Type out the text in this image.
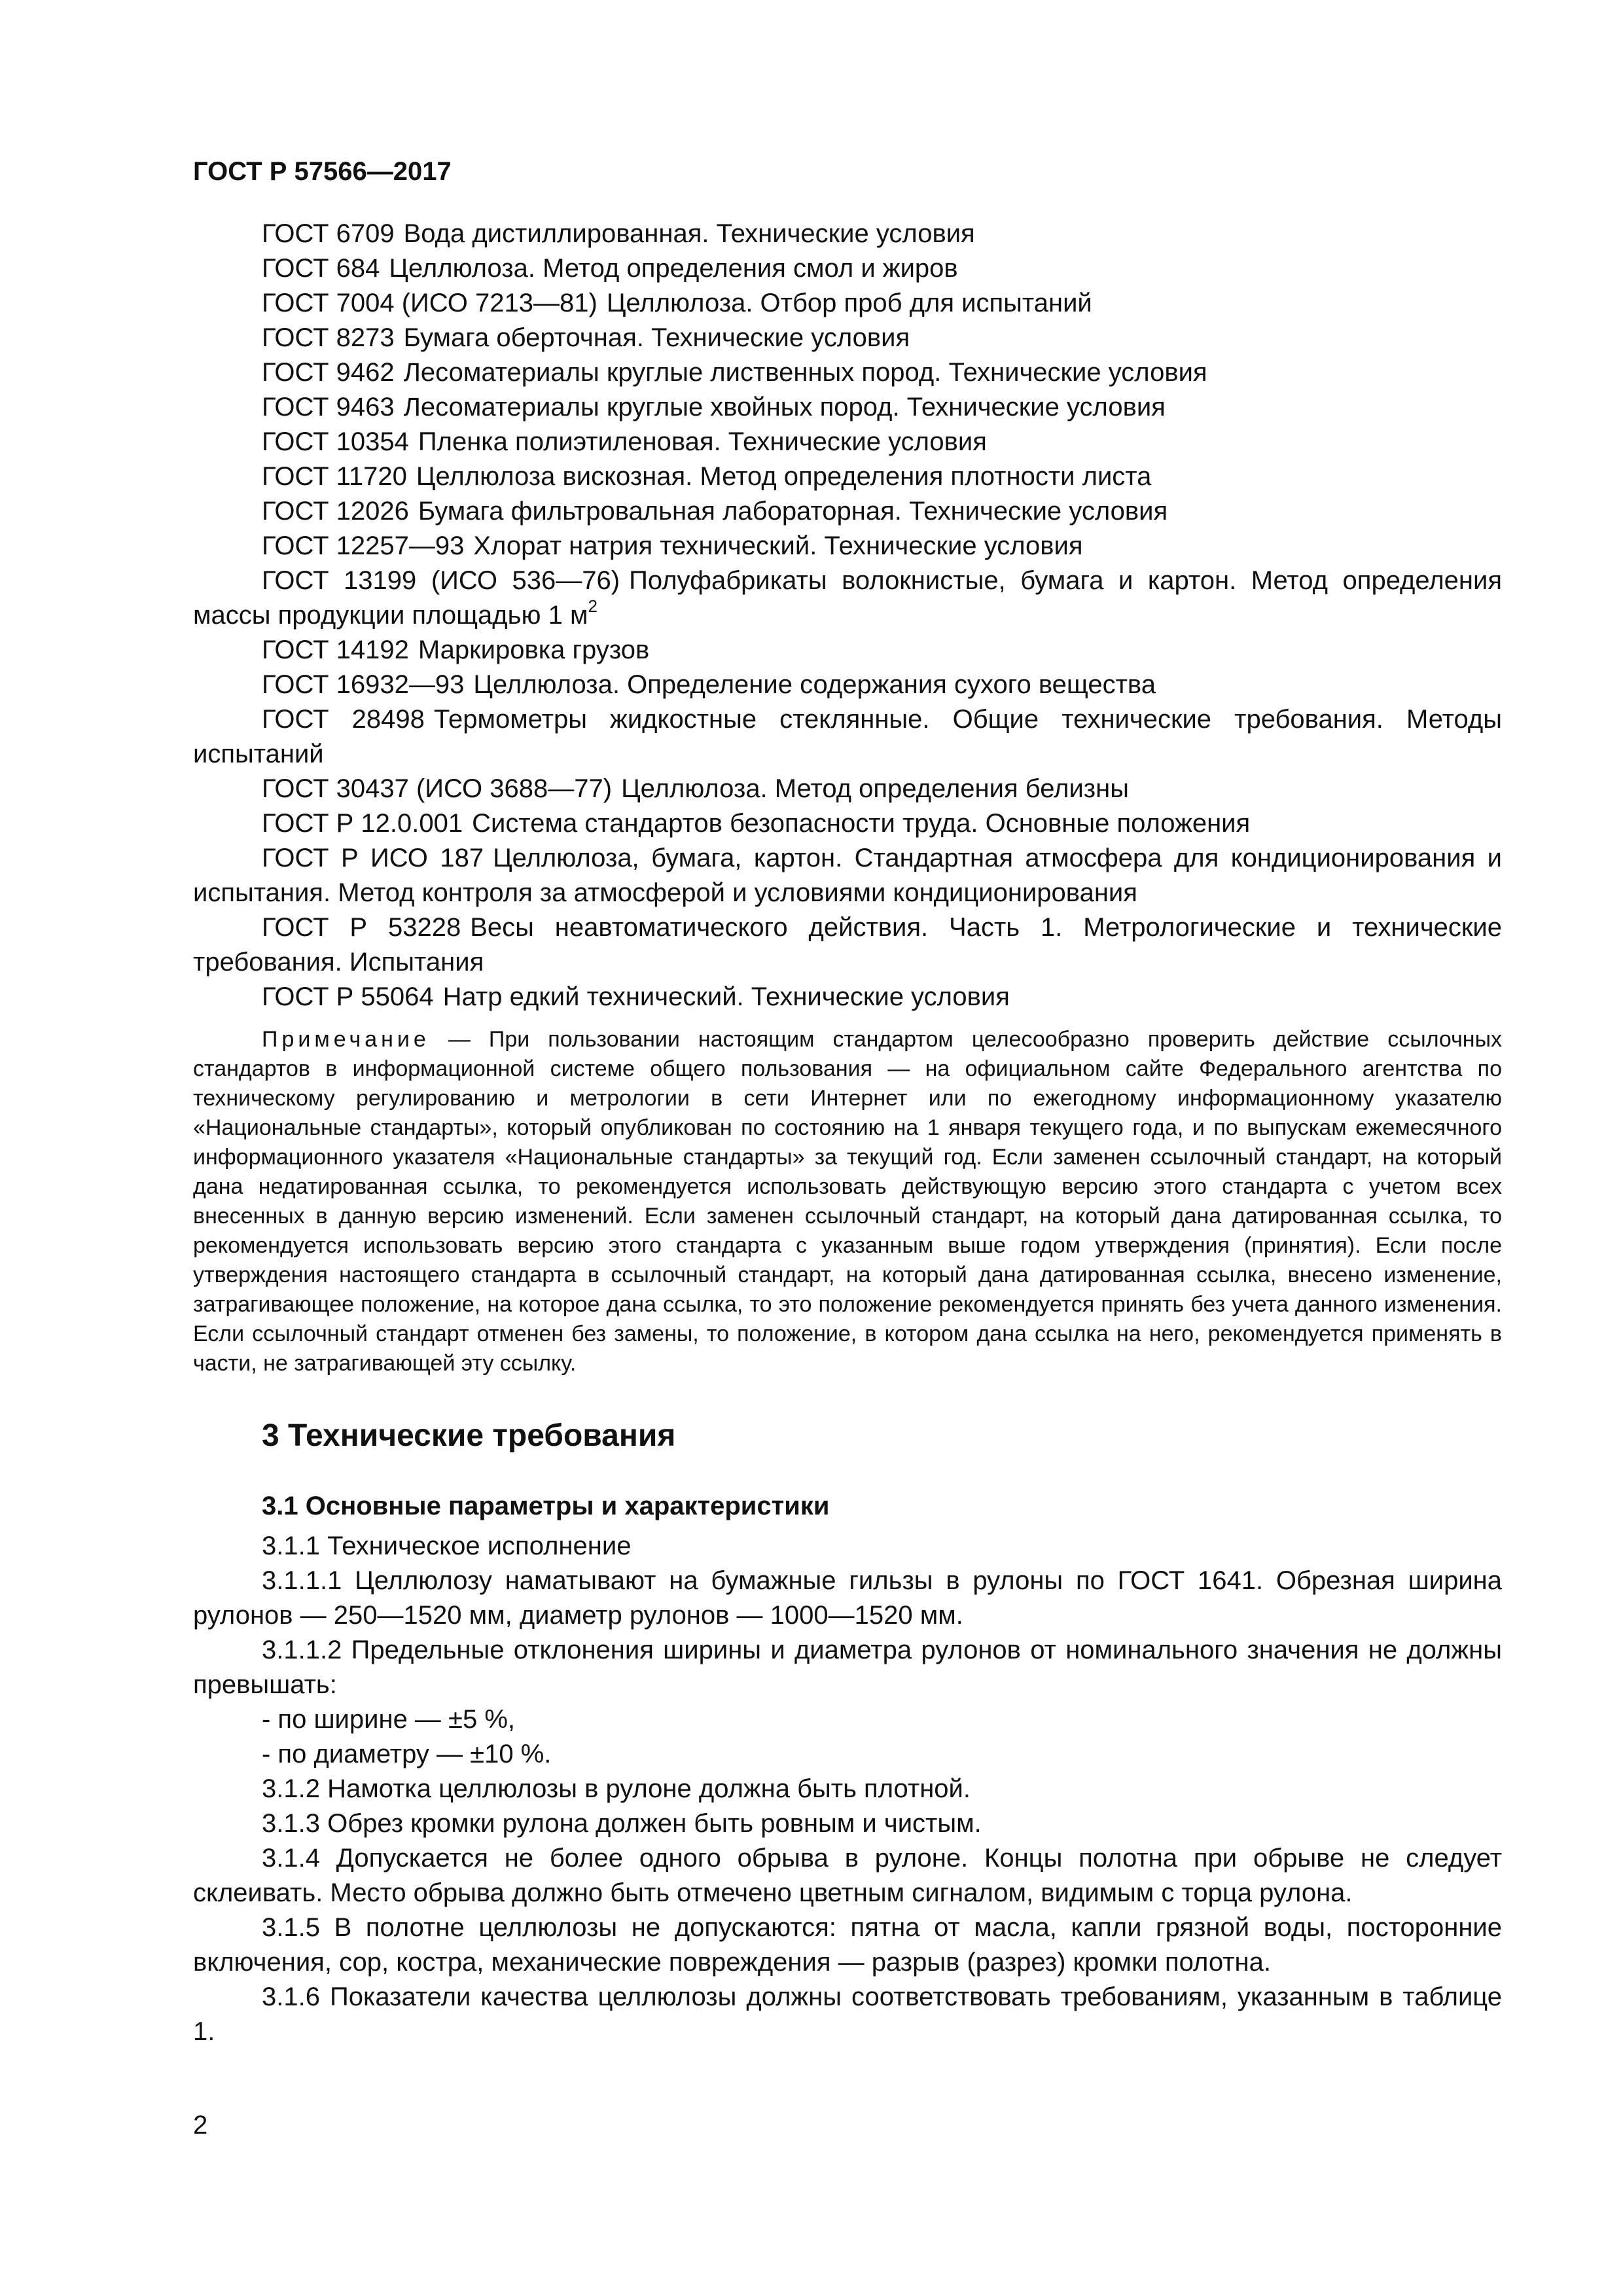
ГОСТ Р 57566—2017

ГОСТ 6709 Вода дистиллированная. Технические условия

ГОСТ 684 Целлюлоза. Метод определения смол и жиров

ГОСТ 7004 (ИСО 7213—81) Целлюлоза. Отбор проб для испытаний

ГОСТ 8273 Бумага оберточная. Технические условия

ГОСТ 9462 Лесоматериалы круглые лиственных пород. Технические условия

ГОСТ 9463 Лесоматериалы круглые хвойных пород. Технические условия

ГОСТ 10354 Пленка полиэтиленовая. Технические условия

ГОСТ 11720 Целлюлоза вискозная. Метод определения плотности листа

ГОСТ 12026 Бумага фильтровальная лабораторная. Технические условия

ГОСТ 12257—93 Хлорат натрия технический. Технические условия

ГОСТ 13199 (ИСО 536—76) Полуфабрикаты волокнистые, бумага и картон. Метод определения массы продукции площадью 1 $м^2$

ГОСТ 14192 Маркировка грузов

ГОСТ 16932—93 Целлюлоза. Определение содержания сухого вещества

ГОСТ 28498 Термометры жидкостные стеклянные. Общие технические требования. Методы испытаний

ГОСТ 30437 (ИСО 3688—77) Целлюлоза. Метод определения белизны

ГОСТ Р 12.0.001 Система стандартов безопасности труда. Основные положения

ГОСТ Р ИСО 187 Целлюлоза, бумага, картон. Стандартная атмосфера для кондиционирования и испытания. Метод контроля за атмосферой и условиями кондиционирования

ГОСТ Р 53228 Весы неавтоматического действия. Часть 1. Метрологические и технические требования. Испытания

ГОСТ Р 55064 Натр едкий технический. Технические условия

Примечание — При пользовании настоящим стандартом целесообразно проверить действие ссылочных стандартов в информационной системе общего пользования — на официальном сайте Федерального агентства по техническому регулированию и метрологии в сети Интернет или по ежегодному информационному указателю «Национальные стандарты», который опубликован по состоянию на 1 января текущего года, и по выпускам ежемесячного информационного указателя «Национальные стандарты» за текущий год. Если заменен ссылочный стандарт, на который дана недатированная ссылка, то рекомендуется использовать действующую версию этого стандарта с учетом всех внесенных в данную версию изменений. Если заменен ссылочный стандарт, на который дана датированная ссылка, то рекомендуется использовать версию этого стандарта с указанным выше годом утверждения (принятия). Если после утверждения настоящего стандарта в ссылочный стандарт, на который дана датированная ссылка, внесено изменение, затрагивающее положение, на которое дана ссылка, то это положение рекомендуется принять без учета данного изменения. Если ссылочный стандарт отменен без замены, то положение, в котором дана ссылка на него, рекомендуется применять в части, не затрагивающей эту ссылку.

3 Технические требования
3.1 Основные параметры и характеристики

3.1.1 Техническое исполнение

3.1.1.1 Целлюлозу наматывают на бумажные гильзы в рулоны по ГОСТ 1641. Обрезная ширина рулонов — 250—1520 мм, диаметр рулонов — 1000—1520 мм.

3.1.1.2 Предельные отклонения ширины и диаметра рулонов от номинального значения не должны превышать:

- по ширине — ±5 %,

- по диаметру — ±10 %.

3.1.2 Намотка целлюлозы в рулоне должна быть плотной.

3.1.3 Обрез кромки рулона должен быть ровным и чистым.

3.1.4 Допускается не более одного обрыва в рулоне. Концы полотна при обрыве не следует склеивать. Место обрыва должно быть отмечено цветным сигналом, видимым с торца рулона.

3.1.5 В полотне целлюлозы не допускаются: пятна от масла, капли грязной воды, посторонние включения, сор, костра, механические повреждения — разрыв (разрез) кромки полотна.

3.1.6 Показатели качества целлюлозы должны соответствовать требованиям, указанным в таблице 1.

2
